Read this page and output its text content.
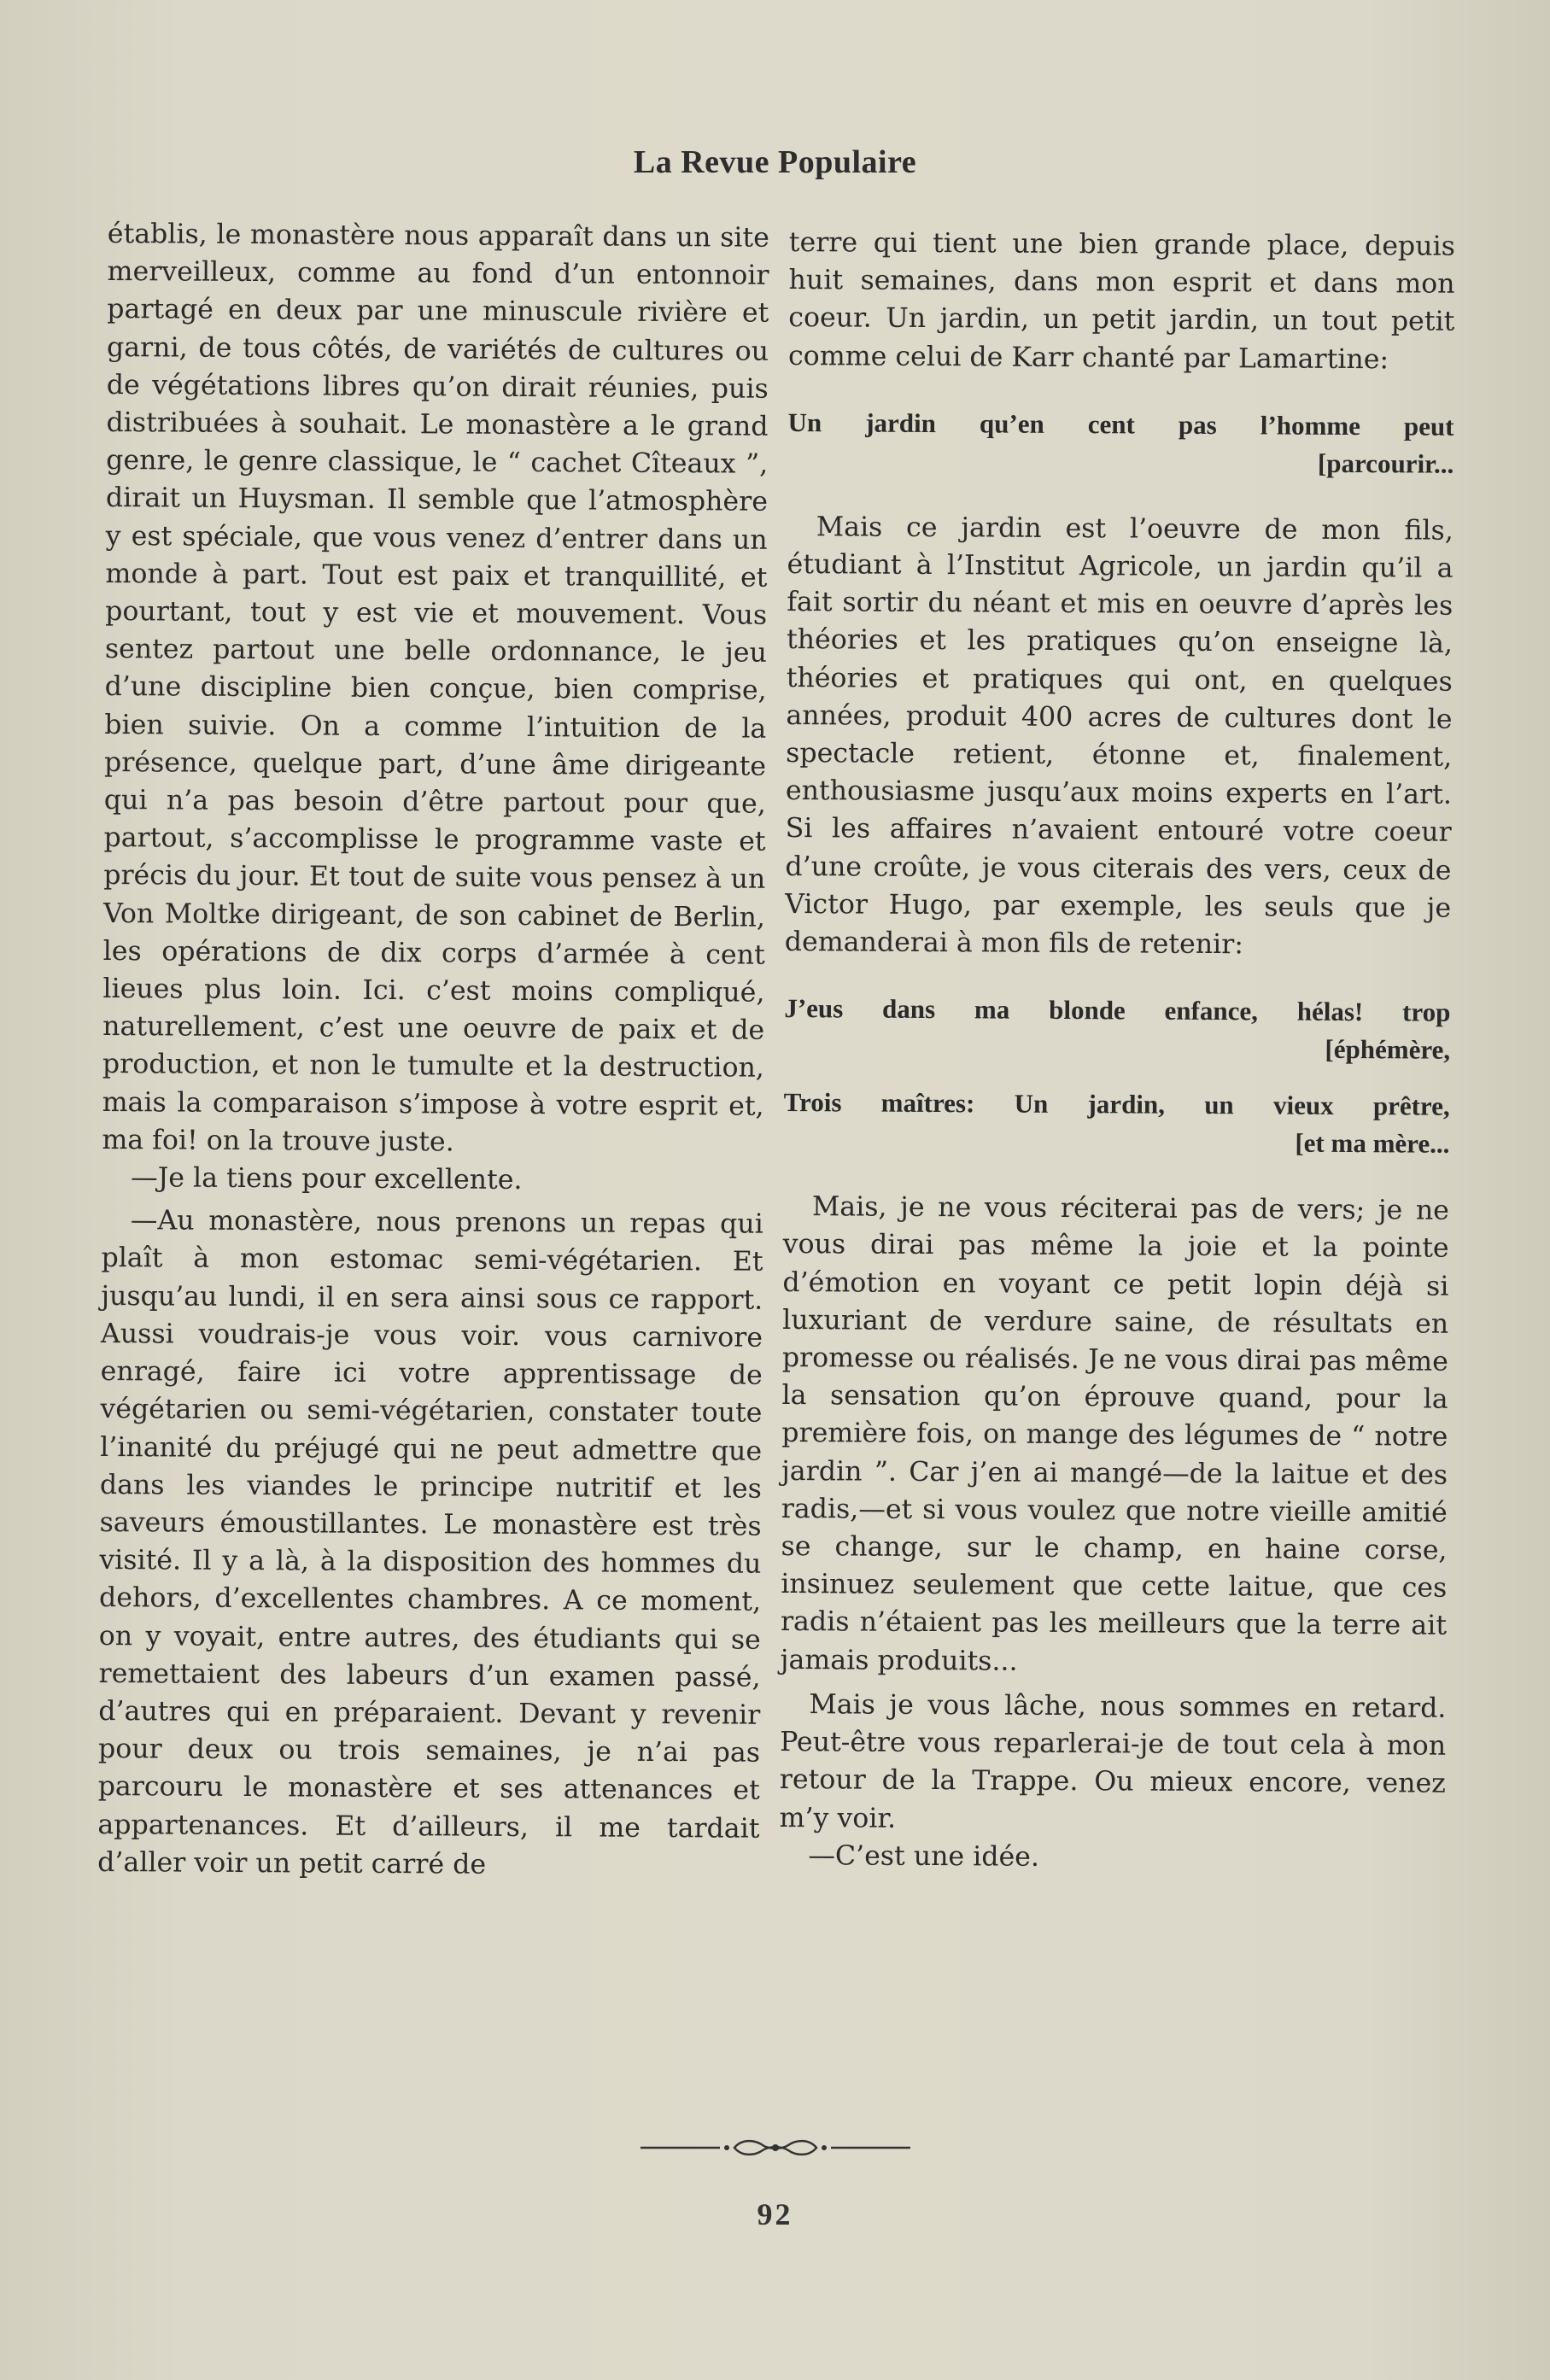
La Revue Populaire

établis, le monastère nous apparaît dans un site merveilleux, comme au fond d’un entonnoir partagé en deux par une minuscule rivière et garni, de tous côtés, de variétés de cultures ou de végétations libres qu’on dirait réunies, puis distribuées à souhait. Le monastère a le grand genre, le genre classique, le “ cachet Cîteaux ”, dirait un Huysman. Il semble que l’atmosphère y est spéciale, que vous venez d’entrer dans un monde à part. Tout est paix et tranquillité, et pourtant, tout y est vie et mouvement. Vous sentez partout une belle ordonnance, le jeu d’une discipline bien conçue, bien comprise, bien suivie. On a comme l’intuition de la présence, quelque part, d’une âme dirigeante qui n’a pas besoin d’être partout pour que, partout, s’accomplisse le programme vaste et précis du jour. Et tout de suite vous pensez à un Von Moltke dirigeant, de son cabinet de Berlin, les opérations de dix corps d’armée à cent lieues plus loin. Ici. c’est moins compliqué, naturellement, c’est une oeuvre de paix et de production, et non le tumulte et la destruction, mais la comparaison s’impose à votre esprit et, ma foi! on la trouve juste.

—Je la tiens pour excellente.

—Au monastère, nous prenons un repas qui plaît à mon estomac semi-végétarien. Et jusqu’au lundi, il en sera ainsi sous ce rapport. Aussi voudrais-je vous voir. vous carnivore enragé, faire ici votre apprentissage de végétarien ou semi-végétarien, constater toute l’inanité du préjugé qui ne peut admettre que dans les viandes le principe nutritif et les saveurs émoustillantes. Le monastère est très visité. Il y a là, à la disposition des hommes du dehors, d’excellentes chambres. A ce moment, on y voyait, entre autres, des étudiants qui se remettaient des labeurs d’un examen passé, d’autres qui en préparaient. Devant y revenir pour deux ou trois semaines, je n’ai pas parcouru le monastère et ses attenances et appartenances. Et d’ailleurs, il me tardait d’aller voir un petit carré de

terre qui tient une bien grande place, depuis huit semaines, dans mon esprit et dans mon coeur. Un jardin, un petit jardin, un tout petit comme celui de Karr chanté par Lamartine:

Un jardin qu’en cent pas l’homme peut
[parcourir...

Mais ce jardin est l’oeuvre de mon fils, étudiant à l’Institut Agricole, un jardin qu’il a fait sortir du néant et mis en oeuvre d’après les théories et les pratiques qu’on enseigne là, théories et pratiques qui ont, en quelques années, produit 400 acres de cultures dont le spectacle retient, étonne et, finalement, enthousiasme jusqu’aux moins experts en l’art. Si les affaires n’avaient entouré votre coeur d’une croûte, je vous citerais des vers, ceux de Victor Hugo, par exemple, les seuls que je demanderai à mon fils de retenir:

J’eus dans ma blonde enfance, hélas! trop
[éphémère,
Trois maîtres: Un jardin, un vieux prêtre,
[et ma mère...

Mais, je ne vous réciterai pas de vers; je ne vous dirai pas même la joie et la pointe d’émotion en voyant ce petit lopin déjà si luxuriant de verdure saine, de résultats en promesse ou réalisés. Je ne vous dirai pas même la sensation qu’on éprouve quand, pour la première fois, on mange des légumes de “ notre jardin ”. Car j’en ai mangé—de la laitue et des radis,—et si vous voulez que notre vieille amitié se change, sur le champ, en haine corse, insinuez seulement que cette laitue, que ces radis n’étaient pas les meilleurs que la terre ait jamais produits...

Mais je vous lâche, nous sommes en retard. Peut-être vous reparlerai-je de tout cela à mon retour de la Trappe. Ou mieux encore, venez m’y voir.

—C’est une idée.

92
